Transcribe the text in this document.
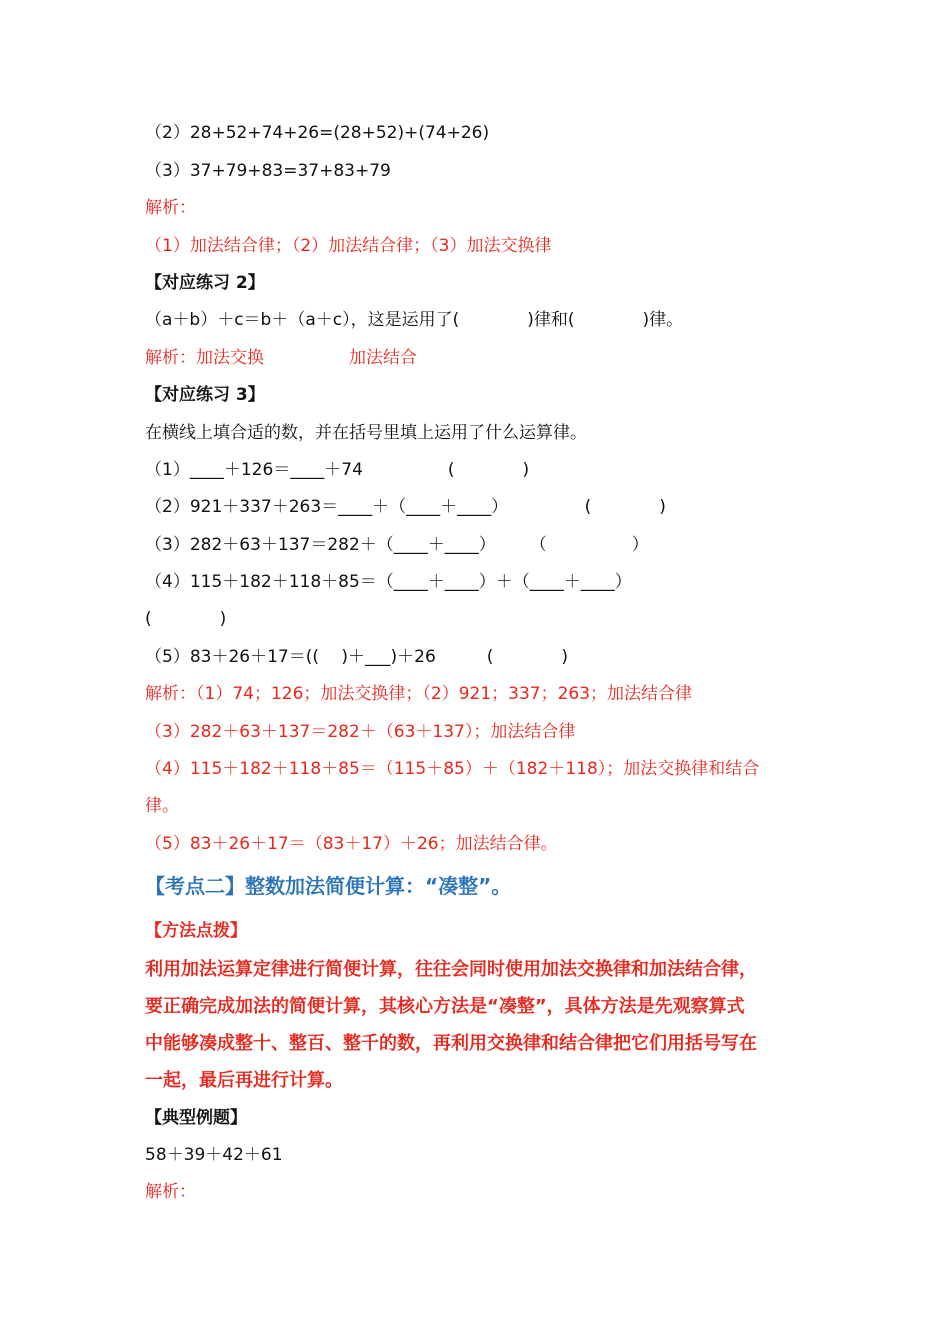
（2）28+52+74+26=(28+52)+(74+26)
（3）37+79+83=37+83+79
解析：
（1）加法结合律；（2）加法结合律；（3）加法交换律
【对应练习 2】
（a＋b）＋c＝b＋（a＋c），这是运用了(　　　　)律和(　　　　)律。
解析：加法交换　　　　　加法结合
【对应练习 3】
在横线上填合适的数，并在括号里填上运用了什么运算律。
（1）____＋126＝____＋74　　　　　(　　　　)
（2）921＋337＋263＝____＋（____＋____）　　　　　(　　　　)
（3）282＋63＋137＝282＋（____＋____）　　　（　　　　　）
（4）115＋182＋118＋85＝（____＋____）＋（____＋____）
(　　　　)
（5）83＋26＋17＝((　 )＋___)＋26　　　(　　　　)
解析：（1）74；126；加法交换律；（2）921；337；263；加法结合律
（3）282＋63＋137＝282＋（63＋137）；加法结合律
（4）115＋182＋118＋85＝（115＋85）＋（182＋118）；加法交换律和结合
律。
（5）83＋26＋17＝（83＋17）＋26；加法结合律。
【考点二】整数加法简便计算：“凑整”。
【方法点拨】
利用加法运算定律进行简便计算，往往会同时使用加法交换律和加法结合律，
要正确完成加法的简便计算，其核心方法是“凑整”，具体方法是先观察算式
中能够凑成整十、整百、整千的数，再利用交换律和结合律把它们用括号写在
一起，最后再进行计算。
【典型例题】
58＋39＋42＋61
解析：
